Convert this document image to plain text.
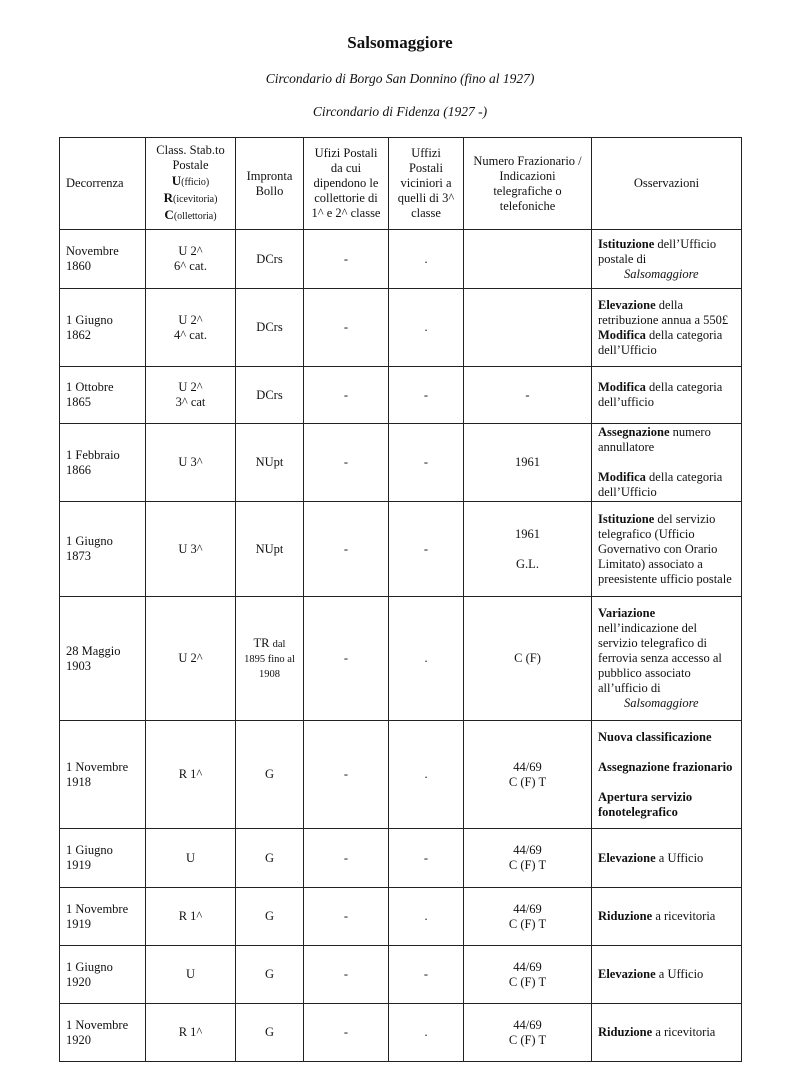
Salsomaggiore
Circondario di Borgo San Donnino (fino al 1927)
Circondario di Fidenza (1927 -)
Decorrenza	Class. Stab.to
Postale
U(fficio)
R(icevitoria)
C(ollettoria)	Impronta Bollo	Ufizi Postali da cui dipendono le collettorie di 1^ e 2^ classe	Uffizi Postali viciniori a quelli di 3^ classe	Numero Frazionario / Indicazioni telegrafiche o telefoniche	Osservazioni
Novembre 1860	U 2^
6^ cat.	DCrs	-	.		Istituzione dell’Ufficio postale di
Salsomaggiore

1 Giugno 1862	U 2^
4^ cat.	DCrs	-	.		Elevazione della retribuzione annua a 550£
Modifica della categoria dell’Ufficio
1 Ottobre 1865	U 2^
3^ cat	DCrs	-	-	-	Modifica della categoria dell’ufficio
1 Febbraio 1866	U 3^	NUpt	-	-	1961	Assegnazione numero annullatore
Modifica della categoria dell’Ufficio
1 Giugno 1873	U 3^	NUpt	-	-	1961
G.L.	Istituzione del servizio telegrafico (Ufficio Governativo con Orario Limitato) associato a preesistente ufficio postale
28 Maggio 1903	U 2^	TR dal 1895 fino al 1908	-	.	C (F)	Variazione nell’indicazione del servizio telegrafico di ferrovia senza accesso al pubblico associato all’ufficio di
Salsomaggiore

1 Novembre 1918	R 1^	G	-	.	44/69
C (F) T	Nuova classificazione
Assegnazione frazionario
Apertura servizio fonotelegrafico
1 Giugno 1919	U	G	-	-	44/69
C (F) T	Elevazione a Ufficio
1 Novembre 1919	R 1^	G	-	.	44/69
C (F) T	Riduzione a ricevitoria
1 Giugno 1920	U	G	-	-	44/69
C (F) T	Elevazione a Ufficio
1 Novembre 1920	R 1^	G	-	.	44/69
C (F) T	Riduzione a ricevitoria
